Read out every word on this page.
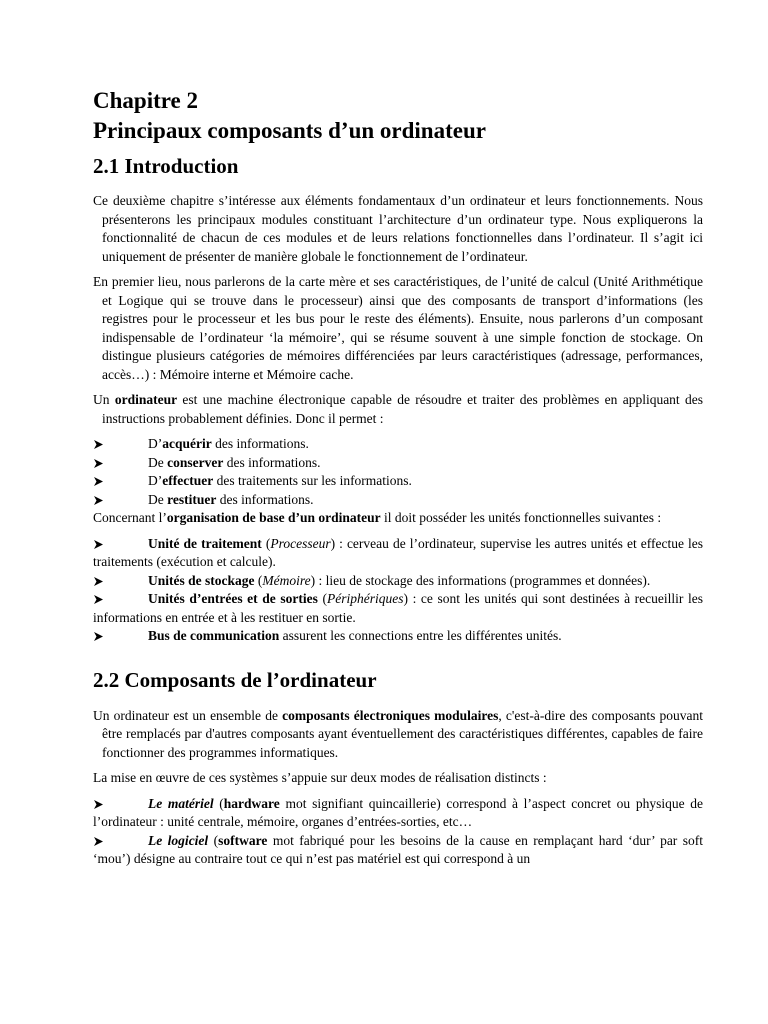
Chapitre 2
Principaux composants d’un ordinateur
2.1 Introduction

Ce deuxième chapitre s’intéresse aux éléments fondamentaux d’un ordinateur et leurs fonctionnements. Nous présenterons les principaux modules constituant l’architecture d’un ordinateur type. Nous expliquerons la fonctionnalité de chacun de ces modules et de leurs relations fonctionnelles dans l’ordinateur. Il s’agit ici uniquement de présenter de manière globale le fonctionnement de l’ordinateur.

En premier lieu, nous parlerons de la carte mère et ses caractéristiques, de l’unité de calcul (Unité Arithmétique et Logique qui se trouve dans le processeur) ainsi que des composants de transport d’informations (les registres pour le processeur et les bus pour le reste des éléments). Ensuite, nous parlerons d’un composant indispensable de l’ordinateur ‘la mémoire’, qui se résume souvent à une simple fonction de stockage. On distingue plusieurs catégories de mémoires différenciées par leurs caractéristiques (adressage, performances, accès…) : Mémoire interne et Mémoire cache.

Un ordinateur est une machine électronique capable de résoudre et traiter des problèmes en appliquant des instructions probablement définies. Donc il permet :

D’acquérir des informations.
De conserver des informations.
D’effectuer des traitements sur les informations.
De restituer des informations.

Concernant l’organisation de base d’un ordinateur il doit posséder les unités fonctionnelles suivantes :

Unité de traitement (Processeur) : cerveau de l’ordinateur, supervise les autres unités et effectue les traitements (exécution et calcule).
Unités de stockage (Mémoire) : lieu de stockage des informations (programmes et données).
Unités d’entrées et de sorties (Périphériques) : ce sont les unités qui sont destinées à recueillir les informations en entrée et à les restituer en sortie.
Bus de communication assurent les connections entre les différentes unités.
2.2 Composants de l’ordinateur

Un ordinateur est un ensemble de composants électroniques modulaires, c'est-à-dire des composants pouvant être remplacés par d'autres composants ayant éventuellement des caractéristiques différentes, capables de faire fonctionner des programmes informatiques.

La mise en œuvre de ces systèmes s’appuie sur deux modes de réalisation distincts :

Le matériel (hardware mot signifiant quincaillerie) correspond à l’aspect concret ou physique de l’ordinateur : unité centrale, mémoire, organes d’entrées-sorties, etc…
Le logiciel (software mot fabriqué pour les besoins de la cause en remplaçant hard ‘dur’ par soft ‘mou’) désigne au contraire tout ce qui n’est pas matériel est qui correspond à un
